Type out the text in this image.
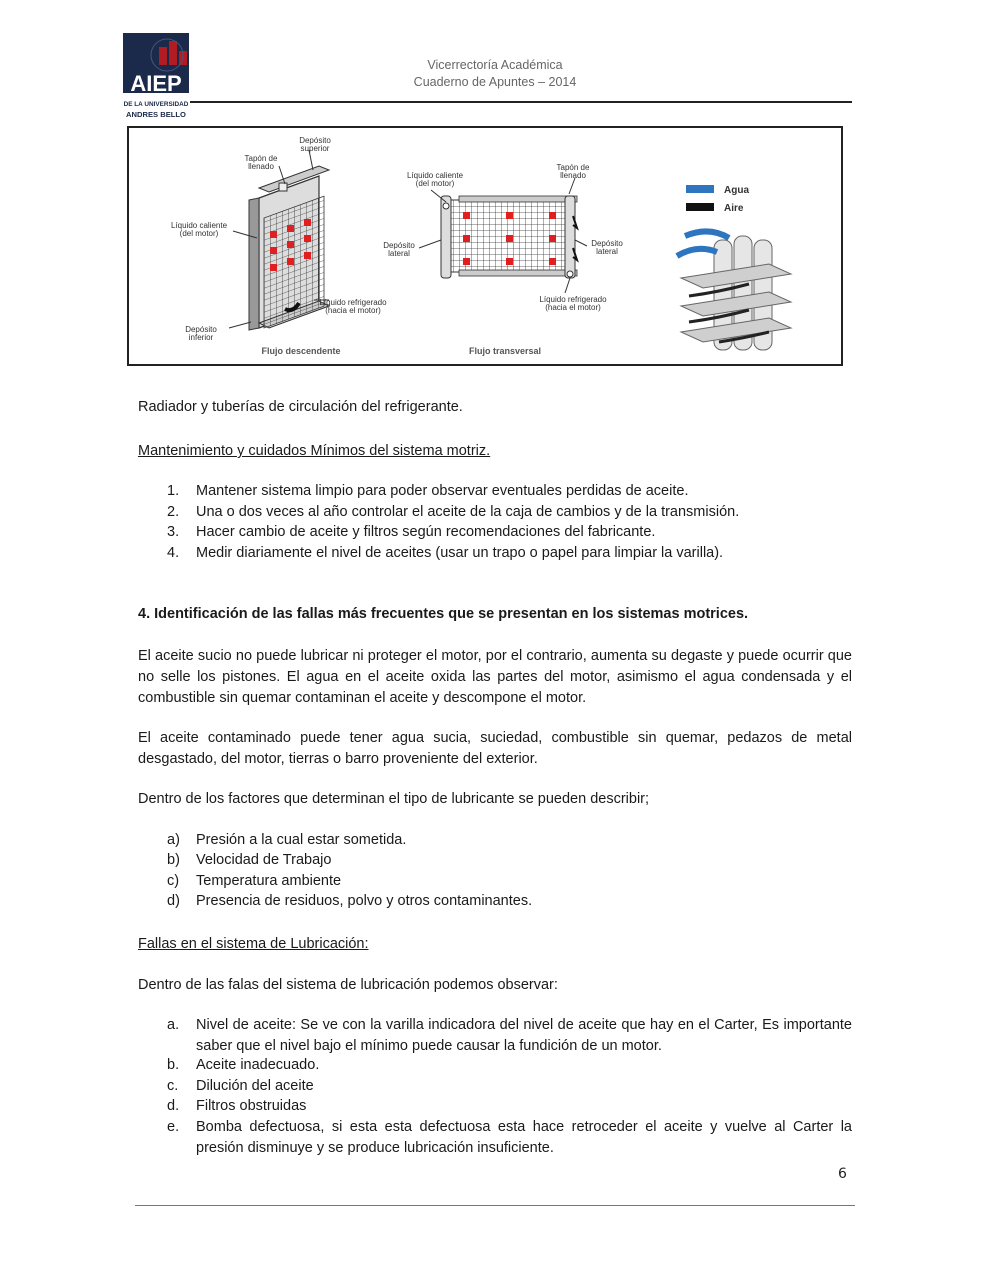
AIEP
DE LA UNIVERSIDAD
ANDRES BELLO
Vicerrectoría Académica
Cuaderno de Apuntes – 2014
Depósito
superior
Tapón de
llenado
Líquido caliente
(del motor)
Líquido refrigerado
(hacia el motor)
Depósito
inferior
Flujo descendente
Líquido caliente
(del motor)
Tapón de
llenado
Depósito
lateral
Depósito
lateral
Líquido refrigerado
(hacia el motor)
Flujo transversal
Agua
Aire
Radiador y tuberías de circulación del refrigerante.
Mantenimiento y cuidados Mínimos del sistema motriz.
1. Mantener sistema limpio para poder observar eventuales perdidas de aceite.
2. Una o dos veces al año controlar el aceite de la caja de cambios y de la transmisión.
3. Hacer cambio de aceite y filtros según recomendaciones del fabricante.
4. Medir diariamente el nivel de aceites (usar un trapo o papel para limpiar la varilla).
4. Identificación de las fallas más frecuentes que se presentan en los sistemas motrices.
El aceite sucio no puede lubricar ni proteger el motor, por el contrario, aumenta su degaste y puede ocurrir que no selle los pistones. El agua en el aceite oxida las partes del motor, asimismo el agua condensada y el combustible sin quemar contaminan el aceite y descompone el motor.
El aceite contaminado puede tener agua sucia, suciedad, combustible sin quemar, pedazos de metal desgastado, del motor, tierras o barro proveniente del exterior.
Dentro de los factores que determinan el tipo de lubricante se pueden describir;
a) Presión a la cual estar sometida.
b) Velocidad de Trabajo
c) Temperatura ambiente
d) Presencia de residuos, polvo y otros contaminantes.
Fallas en el sistema de Lubricación:
Dentro de las falas del sistema de lubricación podemos observar:
a. Nivel de aceite: Se ve con la varilla indicadora del nivel de aceite que hay en el Carter, Es importante saber que el nivel bajo el mínimo puede causar la fundición de un motor.
b. Aceite inadecuado.
c. Dilución del aceite
d. Filtros obstruidas
e. Bomba defectuosa, si esta esta defectuosa esta hace retroceder el aceite y vuelve al Carter la presión disminuye y se produce lubricación insuficiente.
6
